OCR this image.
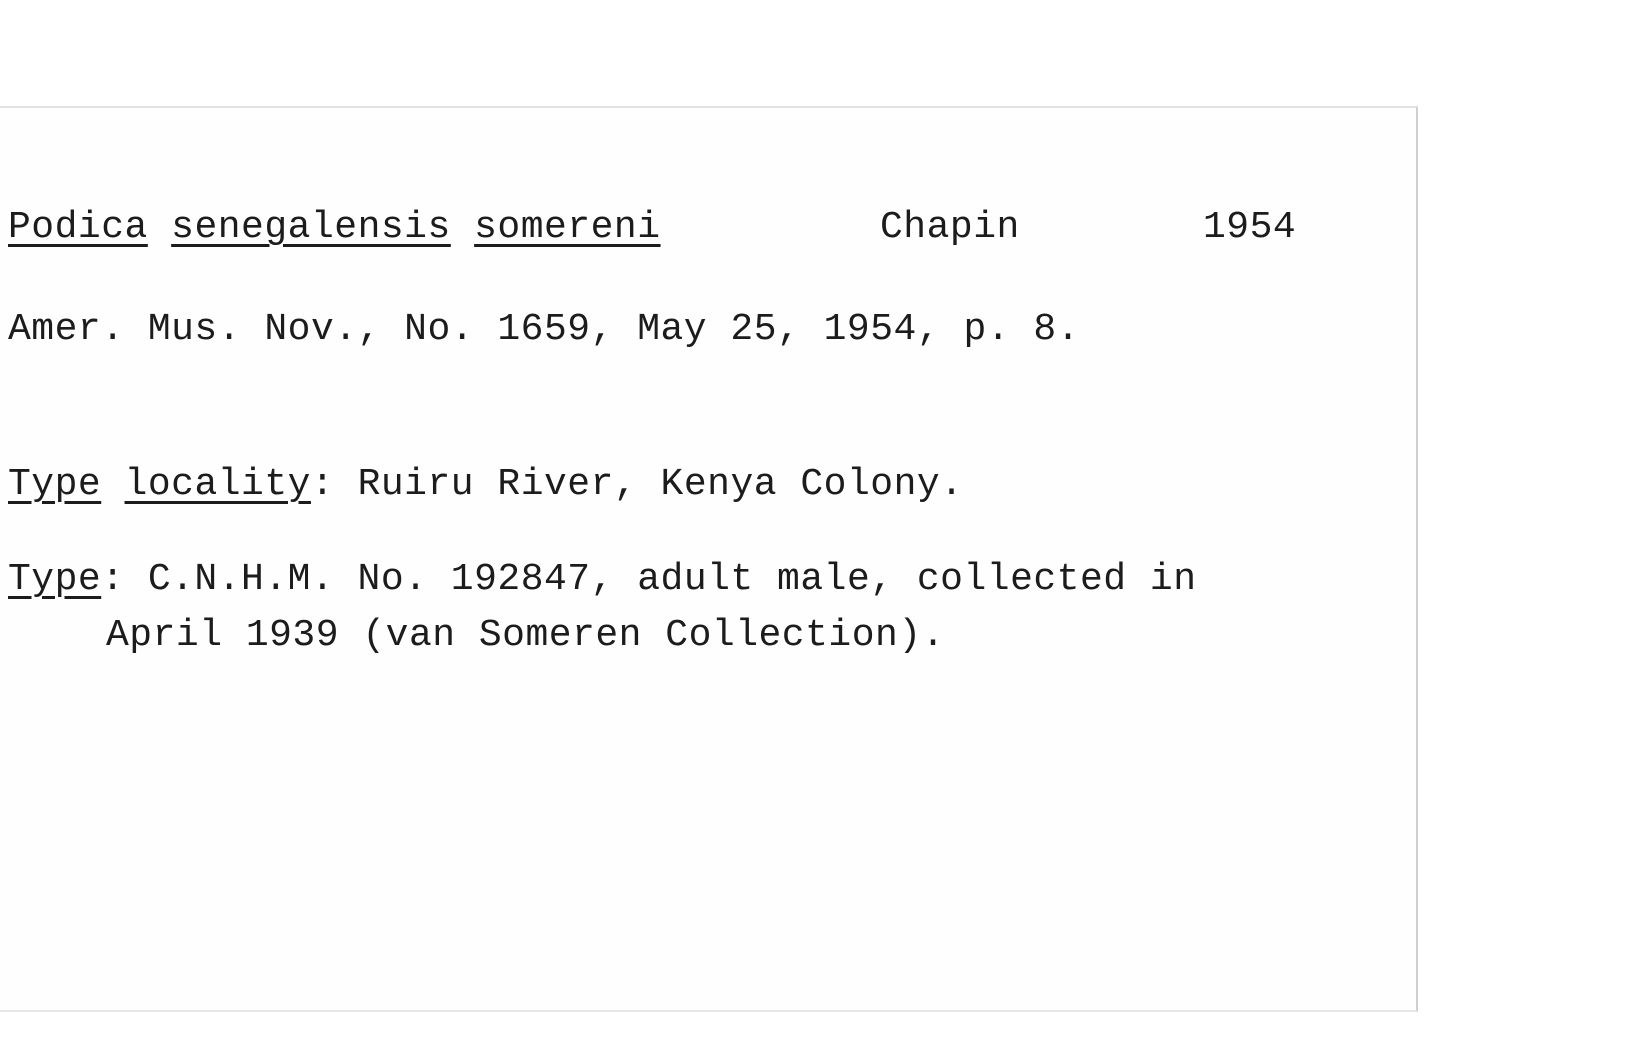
Podica senegalensis somereni	Chapin	1954
Amer. Mus. Nov., No. 1659, May 25, 1954, p. 8.
Type locality: Ruiru River, Kenya Colony.
Type: C.N.H.M. No. 192847, adult male, collected in
April 1939 (van Someren Collection).
